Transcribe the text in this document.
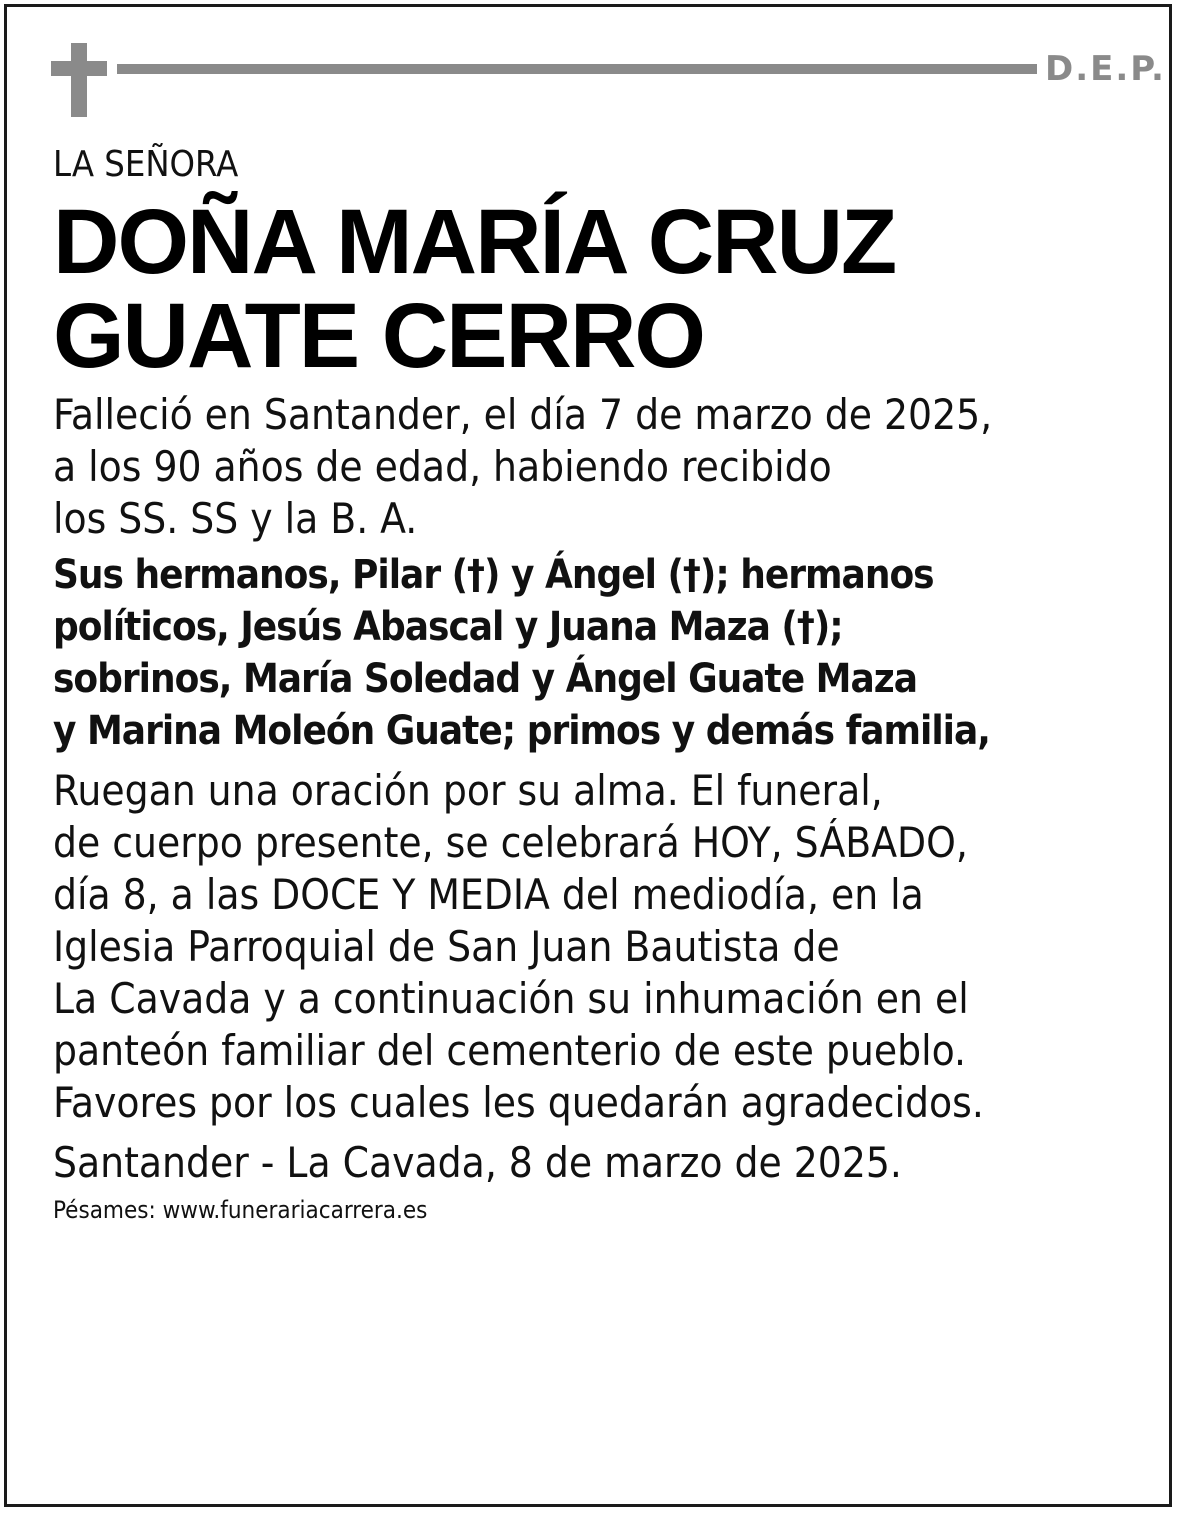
D.E.P.

LA SEÑORA

DOÑA MARÍA CRUZ
GUATE CERRO
Falleció en Santander, el día 7 de marzo de 2025,
a los 90 años de edad, habiendo recibido
los SS. SS y la B. A.
Sus hermanos, Pilar (†) y Ángel (†); hermanos
políticos, Jesús Abascal y Juana Maza (†);
sobrinos, María Soledad y Ángel Guate Maza
y Marina Moleón Guate; primos y demás familia,
Ruegan una oración por su alma. El funeral,
de cuerpo presente, se celebrará HOY, SÁBADO,
día 8, a las DOCE Y MEDIA del mediodía, en la
Iglesia Parroquial de San Juan Bautista de
La Cavada y a continuación su inhumación en el
panteón familiar del cementerio de este pueblo.
Favores por los cuales les quedarán agradecidos.

Santander - La Cavada, 8 de marzo de 2025.

Pésames: www.funerariacarrera.es
